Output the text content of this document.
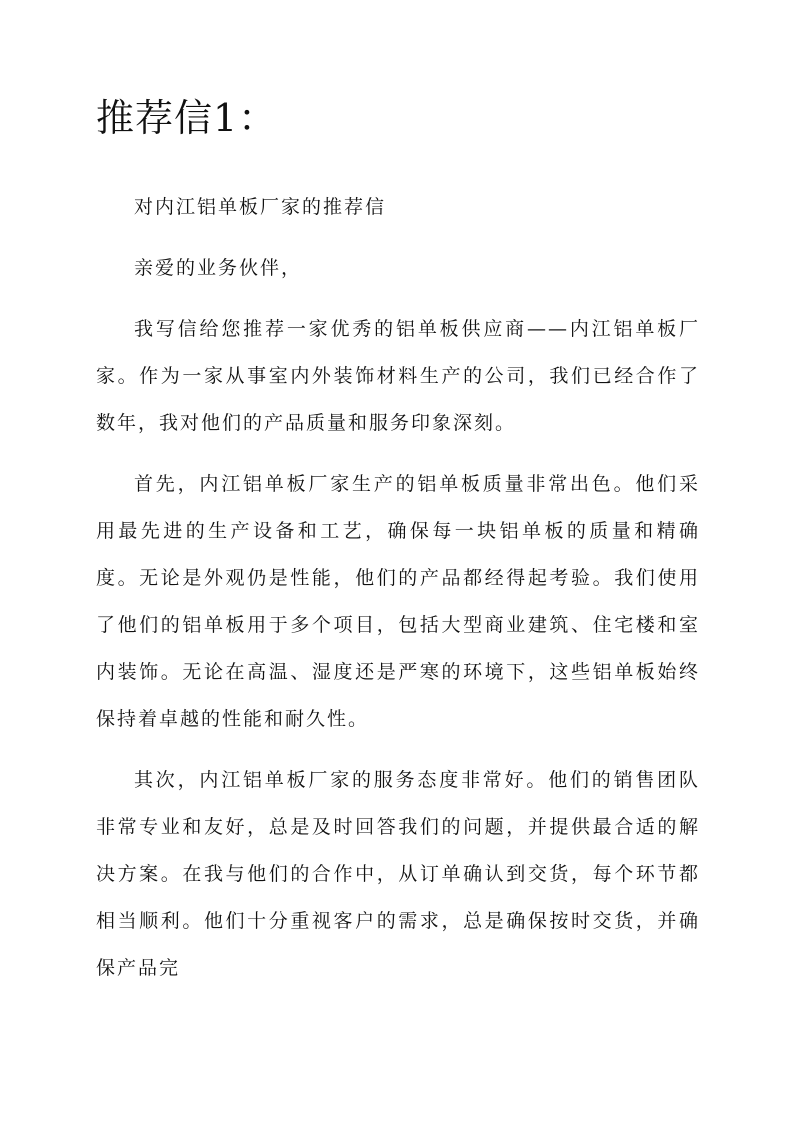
推荐信1：

对内江铝单板厂家的推荐信

亲爱的业务伙伴，

我写信给您推荐一家优秀的铝单板供应商——内江铝单板厂家。作为一家从事室内外装饰材料生产的公司，我们已经合作了数年，我对他们的产品质量和服务印象深刻。

首先，内江铝单板厂家生产的铝单板质量非常出色。他们采用最先进的生产设备和工艺，确保每一块铝单板的质量和精确度。无论是外观仍是性能，他们的产品都经得起考验。我们使用了他们的铝单板用于多个项目，包括大型商业建筑、住宅楼和室内装饰。无论在高温、湿度还是严寒的环境下，这些铝单板始终保持着卓越的性能和耐久性。

其次，内江铝单板厂家的服务态度非常好。他们的销售团队非常专业和友好，总是及时回答我们的问题，并提供最合适的解决方案。在我与他们的合作中，从订单确认到交货，每个环节都相当顺利。他们十分重视客户的需求，总是确保按时交货，并确保产品完
